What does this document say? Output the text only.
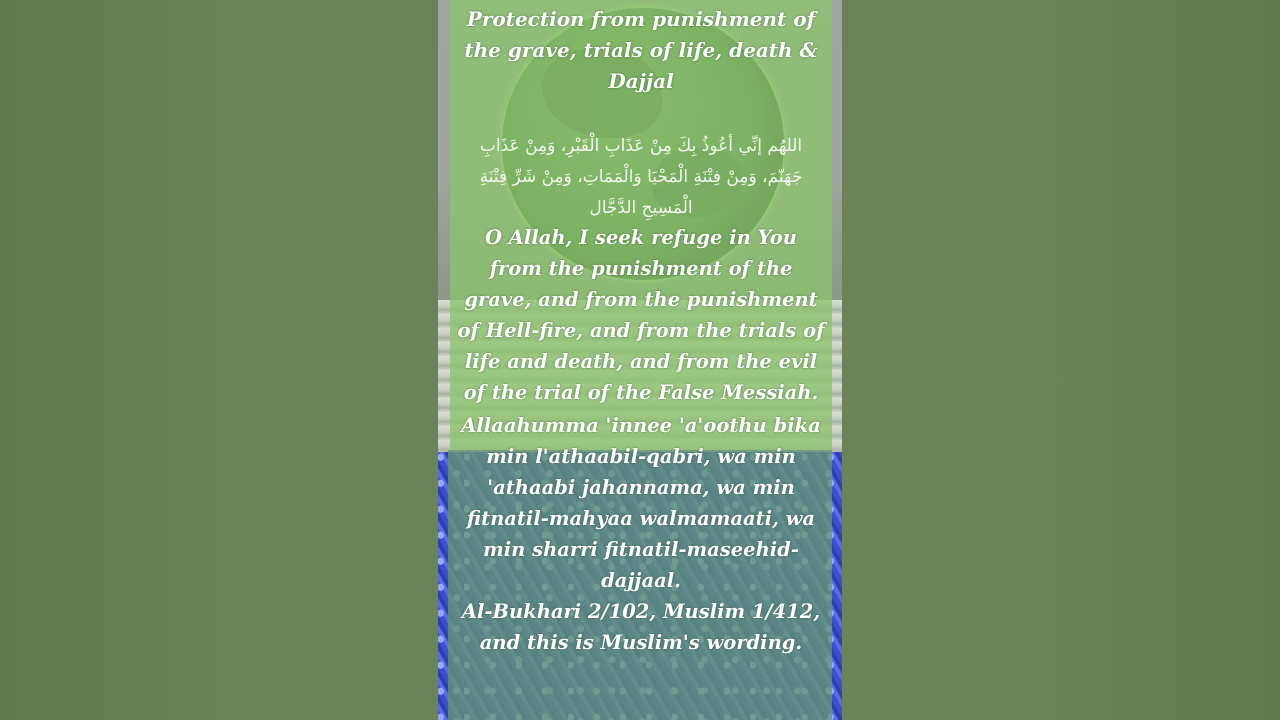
Protection from punishment of the grave, trials of life, death & Dajjal
اللهُم إنِّي أعُوذُ بِكَ مِنْ عَذَابِ الْقَبْرِ، وَمِنْ عَذَابِ جَهَنّمَ، وَمِنْ فِتْنَةِ الْمَحْيَا وَالْمَمَاتِ، وَمِنْ شَرِّ فِتْنَةِ الْمَسِيحِ الدَّجَّال
O Allah, I seek refuge in You from the punishment of the grave, and from the punishment of Hell-fire, and from the trials of life and death, and from the evil of the trial of the False Messiah.
Allaahumma 'innee 'a'oothu bika min l'athaabil-qabri, wa min 'athaabi jahannama, wa min fitnatil-mahyaa walmamaati, wa min sharri fitnatil-maseehid-dajjaal.
Al-Bukhari 2/102, Muslim 1/412, and this is Muslim's wording.
